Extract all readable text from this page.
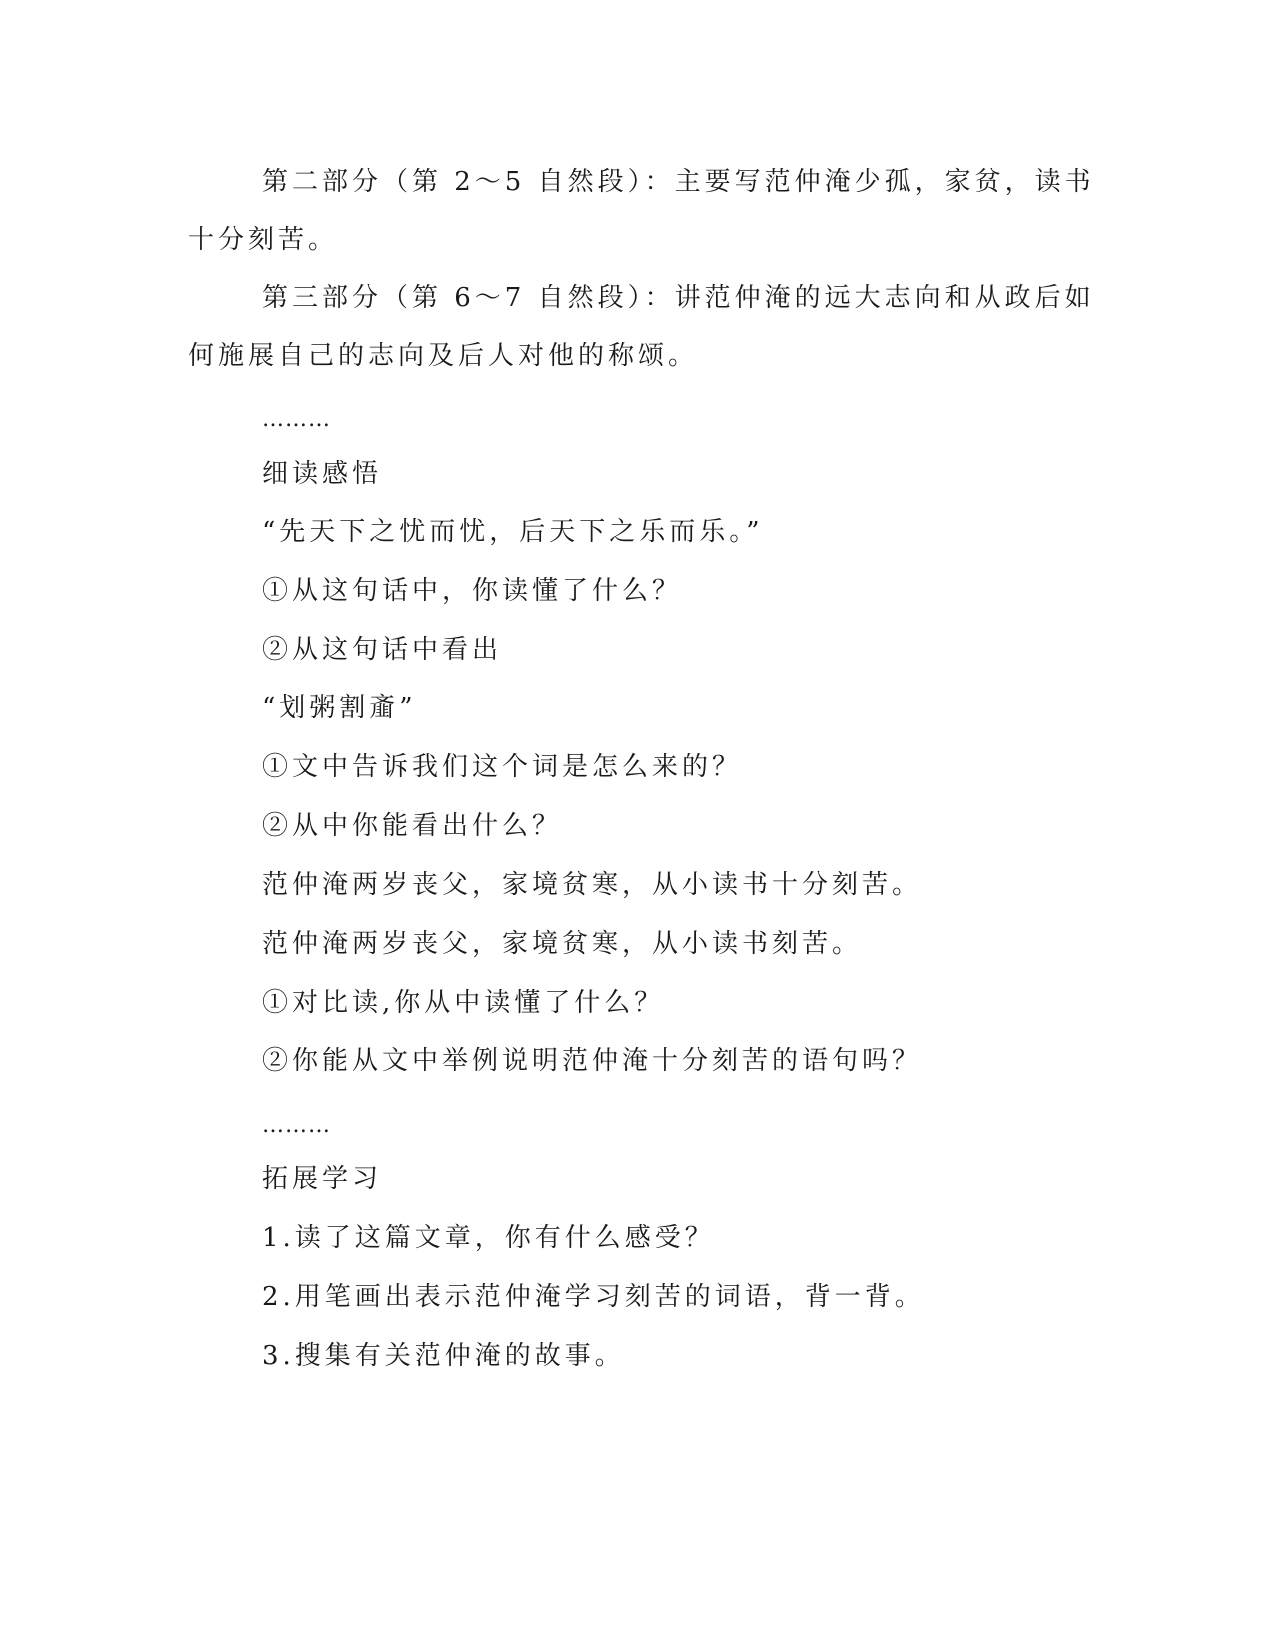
第二部分（第 2～5 自然段）：主要写范仲淹少孤，家贫，读书
十分刻苦。
第三部分（第 6～7 自然段）：讲范仲淹的远大志向和从政后如
何施展自己的志向及后人对他的称颂。
………
细读感悟
“先天下之忧而忧，后天下之乐而乐。”
①从这句话中，你读懂了什么？
②从这句话中看出
“划粥割齑”
①文中告诉我们这个词是怎么来的？
②从中你能看出什么？
范仲淹两岁丧父，家境贫寒，从小读书十分刻苦。
范仲淹两岁丧父，家境贫寒，从小读书刻苦。
①对比读,你从中读懂了什么？
②你能从文中举例说明范仲淹十分刻苦的语句吗？
………
拓展学习
1.读了这篇文章，你有什么感受？
2.用笔画出表示范仲淹学习刻苦的词语，背一背。
3.搜集有关范仲淹的故事。
